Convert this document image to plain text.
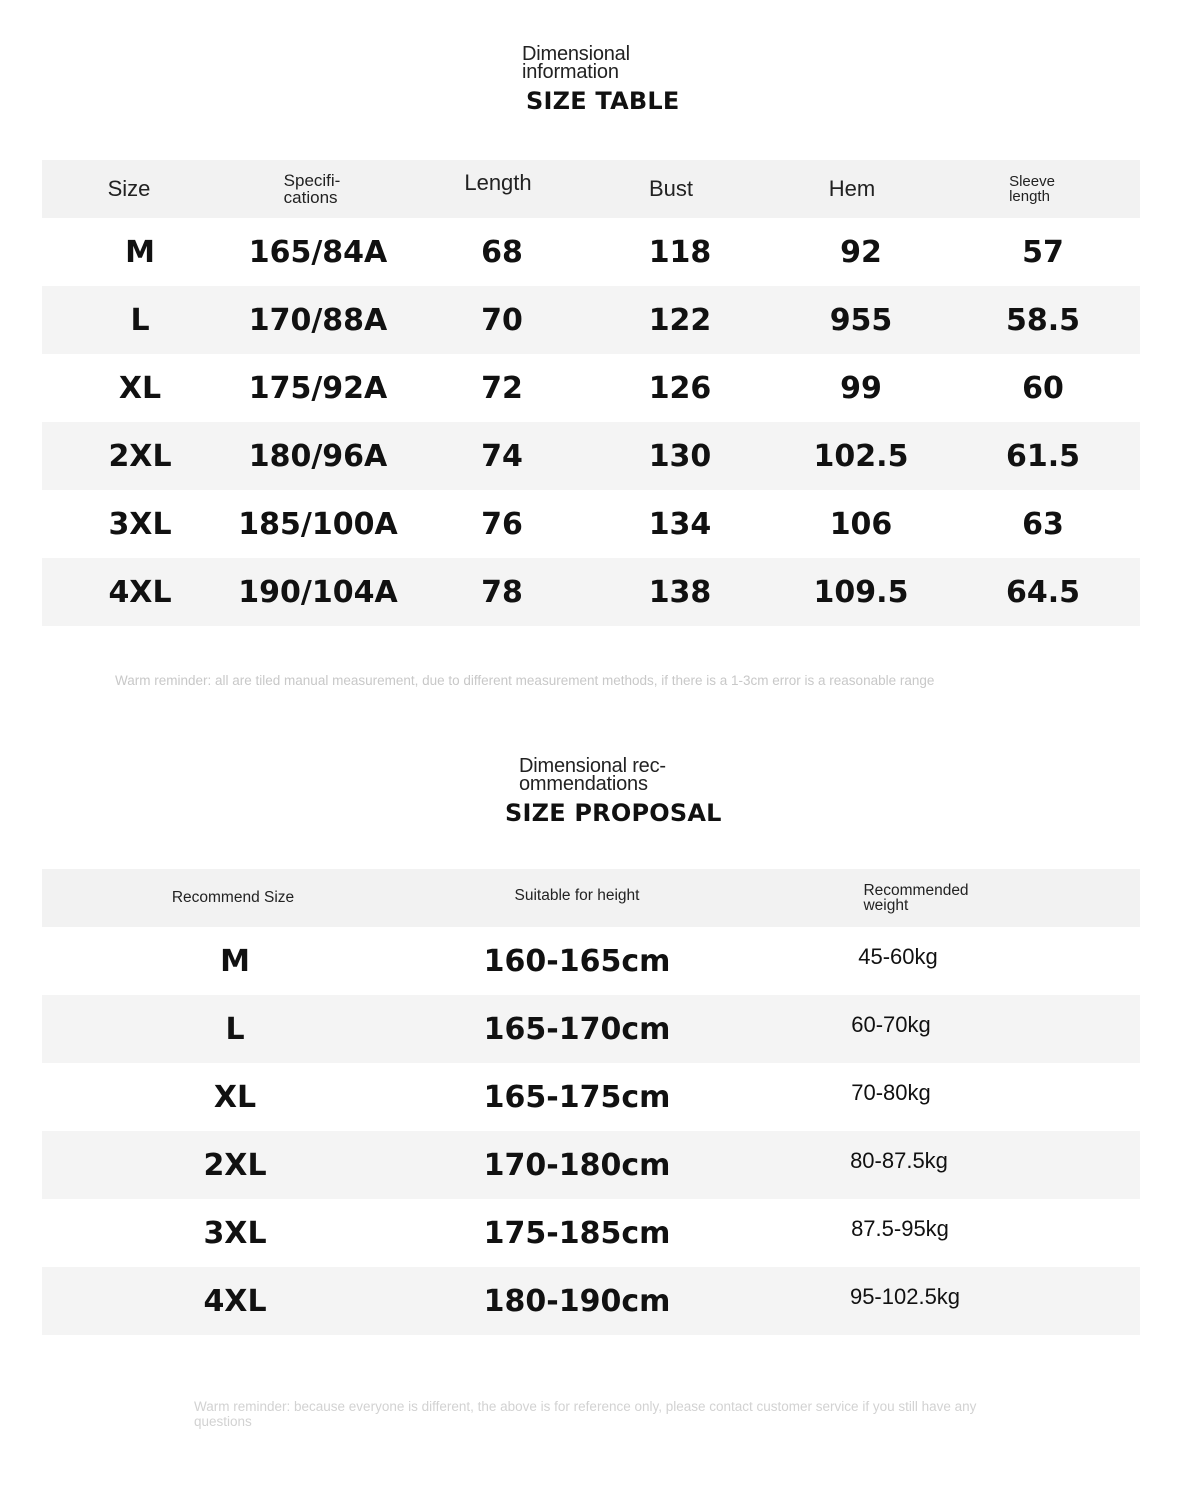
Dimensional
information
SIZE TABLE
Size	Specifi-
cations
Length	Bust	Hem	Sleeve
length
M	165/84A	68	118	92	57
L	170/88A	70	122	955	58.5
XL	175/92A	72	126	99	60
2XL	180/96A	74	130	102.5	61.5
3XL 185/100A	76	134	106	63
4XL 190/104A	78	138	109.5	64.5
Warm reminder: all are tiled manual measurement, due to different measurement methods, if there is a 1-3cm error is a reasonable range
Dimensional rec-
ommendations
SIZE PROPOSAL
Recommend Size	Suitable for height	Recommended
weight
M	160-165cm	45-60kg
L	165-170cm	60-70kg
XL	165-175cm	70-80kg
2XL	170-180cm	80-87.5kg
3XL	175-185cm	87.5-95kg
4XL	180-190cm	95-102.5kg
Warm reminder: because everyone is different, the above is for reference only, please contact customer service if you still have any questions
